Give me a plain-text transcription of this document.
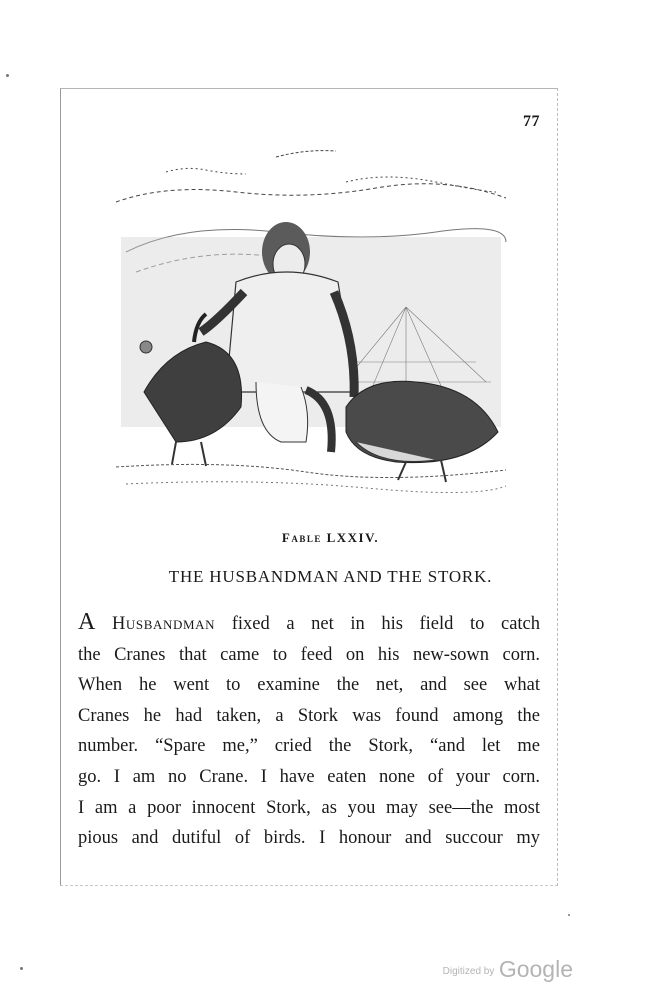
77
Fable LXXIV.
THE HUSBANDMAN AND THE STORK.
A Husbandman fixed a net in his field to catch
the Cranes that came to feed on his new-sown corn.
When he went to examine the net, and see what
Cranes he had taken, a Stork was found among the
number. “Spare me,” cried the Stork, “and let me
go. I am no Crane. I have eaten none of your corn.
I am a poor innocent Stork, as you may see—the most
pious and dutiful of birds. I honour and succour my
Digitized by Google
